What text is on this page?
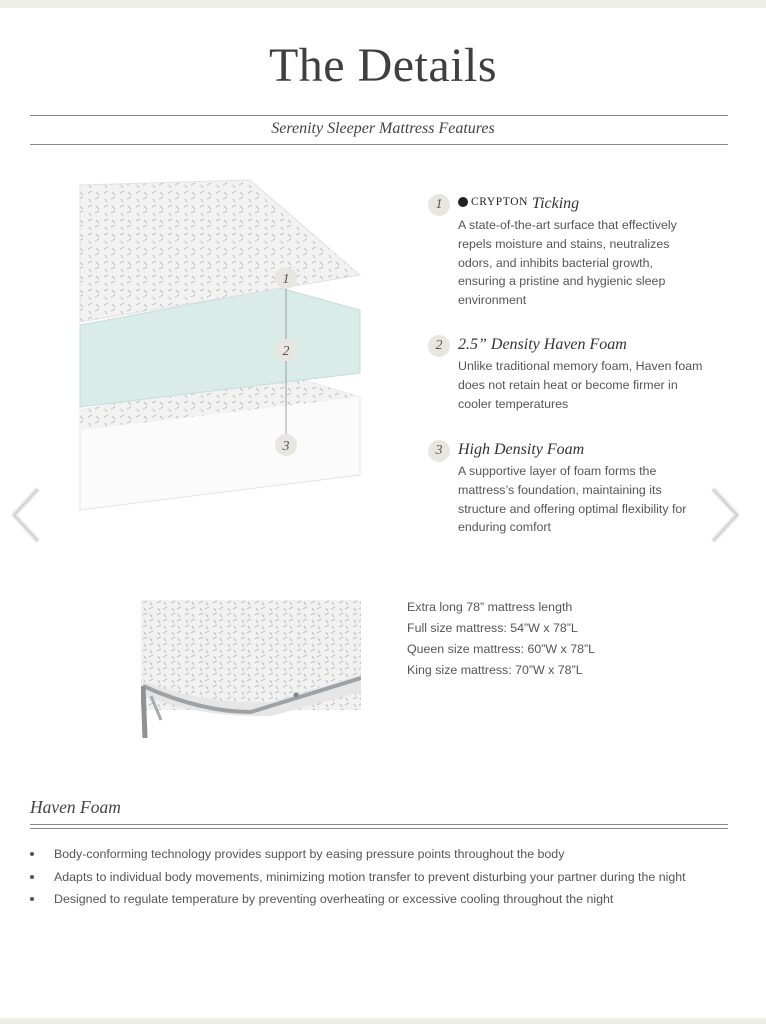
The Details
Serenity Sleeper Mattress Features
1
2
3
1	CRYPTON Ticking
A state-of-the-art surface that effectively repels moisture and stains, neutralizes odors, and inhibits bacterial growth, ensuring a pristine and hygienic sleep environment
2 2.5” Density Haven Foam
Unlike traditional memory foam, Haven foam does not retain heat or become firmer in cooler temperatures
3 High Density Foam
A supportive layer of foam forms the mattress’s foundation, maintaining its structure and offering optimal flexibility for enduring comfort
Extra long 78” mattress length
Full size mattress: 54”W x 78”L
Queen size mattress: 60”W x 78”L
King size mattress: 70”W x 78”L
Haven Foam
Body-conforming technology provides support by easing pressure points throughout the body
Adapts to individual body movements, minimizing motion transfer to prevent disturbing your partner during the night
Designed to regulate temperature by preventing overheating or excessive cooling throughout the night
